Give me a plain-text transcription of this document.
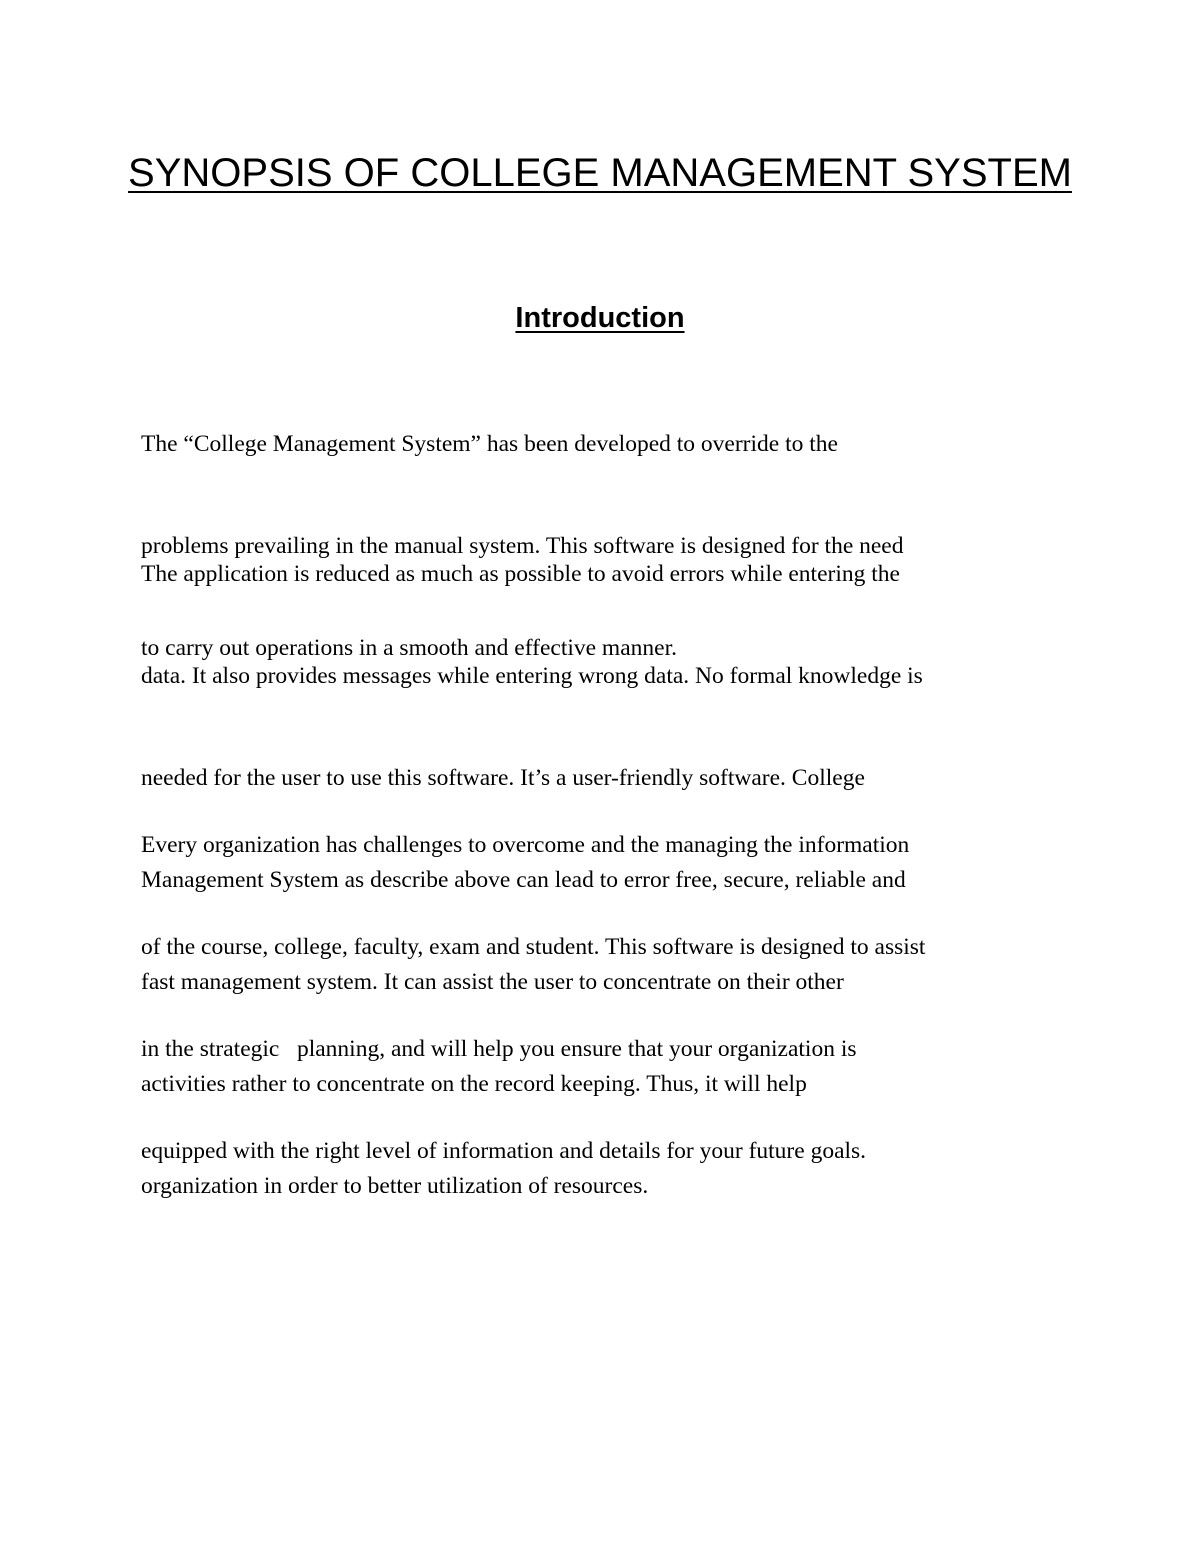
SYNOPSIS OF COLLEGE MANAGEMENT SYSTEM
Introduction

The “College Management System” has been developed to override to the

problems prevailing in the manual system. This software is designed for the need

to carry out operations in a smooth and effective manner.

The application is reduced as much as possible to avoid errors while entering the

data. It also provides messages while entering wrong data. No formal knowledge is

needed for the user to use this software. It’s a user-friendly software. College

Management System as describe above can lead to error free, secure, reliable and

fast management system. It can assist the user to concentrate on their other

activities rather to concentrate on the record keeping. Thus, it will help

organization in order to better utilization of resources.

Every organization has challenges to overcome and the managing the information

of the course, college, faculty, exam and student. This software is designed to assist

in the strategic   planning, and will help you ensure that your organization is

equipped with the right level of information and details for your future goals.
